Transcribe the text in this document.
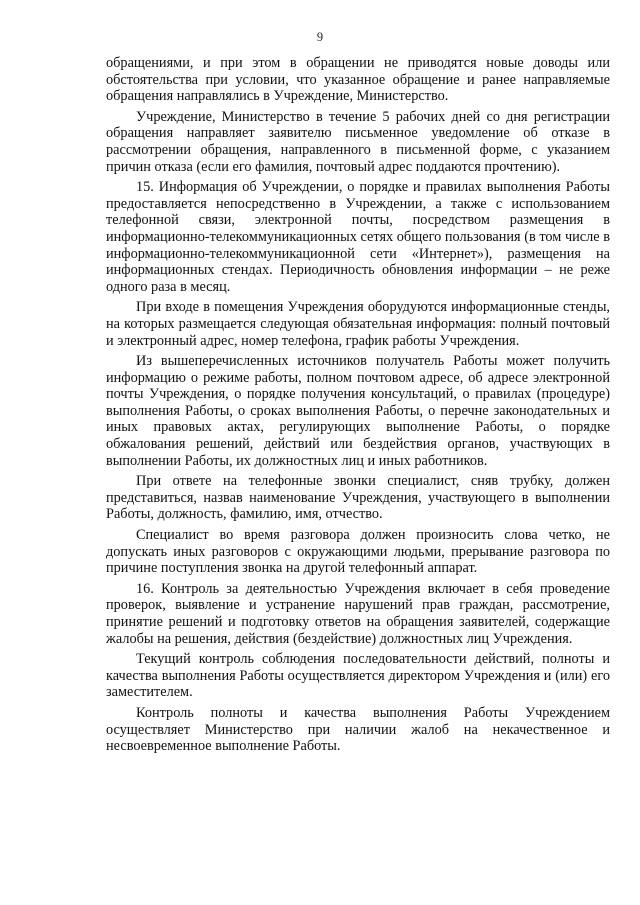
9

обращениями, и при этом в обращении не приводятся новые доводы или обстоятельства при условии, что указанное обращение и ранее направляемые обращения направлялись в Учреждение, Министерство.

Учреждение, Министерство в течение 5 рабочих дней со дня регистрации обращения направляет заявителю письменное уведомление об отказе в рассмотрении обращения, направленного в письменной форме, с указанием причин отказа (если его фамилия, почтовый адрес поддаются прочтению).

15. Информация об Учреждении, о порядке и правилах выполнения Работы предоставляется непосредственно в Учреждении, а также с использованием телефонной связи, электронной почты, посредством размещения в информационно-телекоммуникационных сетях общего пользования (в том числе в информационно-телекоммуникационной сети «Интернет»), размещения на информационных стендах. Периодичность обновления информации – не реже одного раза в месяц.

При входе в помещения Учреждения оборудуются информационные стенды, на которых размещается следующая обязательная информация: полный почтовый и электронный адрес, номер телефона, график работы Учреждения.

Из вышеперечисленных источников получатель Работы может получить информацию о режиме работы, полном почтовом адресе, об адресе электронной почты Учреждения, о порядке получения консультаций, о правилах (процедуре) выполнения Работы, о сроках выполнения Работы, о перечне законодательных и иных правовых актах, регулирующих выполнение Работы, о порядке обжалования решений, действий или бездействия органов, участвующих в выполнении Работы, их должностных лиц и иных работников.

При ответе на телефонные звонки специалист, сняв трубку, должен представиться, назвав наименование Учреждения, участвующего в выполнении Работы, должность, фамилию, имя, отчество.

Специалист во время разговора должен произносить слова четко, не допускать иных разговоров с окружающими людьми, прерывание разговора по причине поступления звонка на другой телефонный аппарат.

16. Контроль за деятельностью Учреждения включает в себя проведение проверок, выявление и устранение нарушений прав граждан, рассмотрение, принятие решений и подготовку ответов на обращения заявителей, содержащие жалобы на решения, действия (бездействие) должностных лиц Учреждения.

Текущий контроль соблюдения последовательности действий, полноты и качества выполнения Работы осуществляется директором Учреждения и (или) его заместителем.

Контроль полноты и качества выполнения Работы Учреждением осуществляет Министерство при наличии жалоб на некачественное и несвоевременное выполнение Работы.
